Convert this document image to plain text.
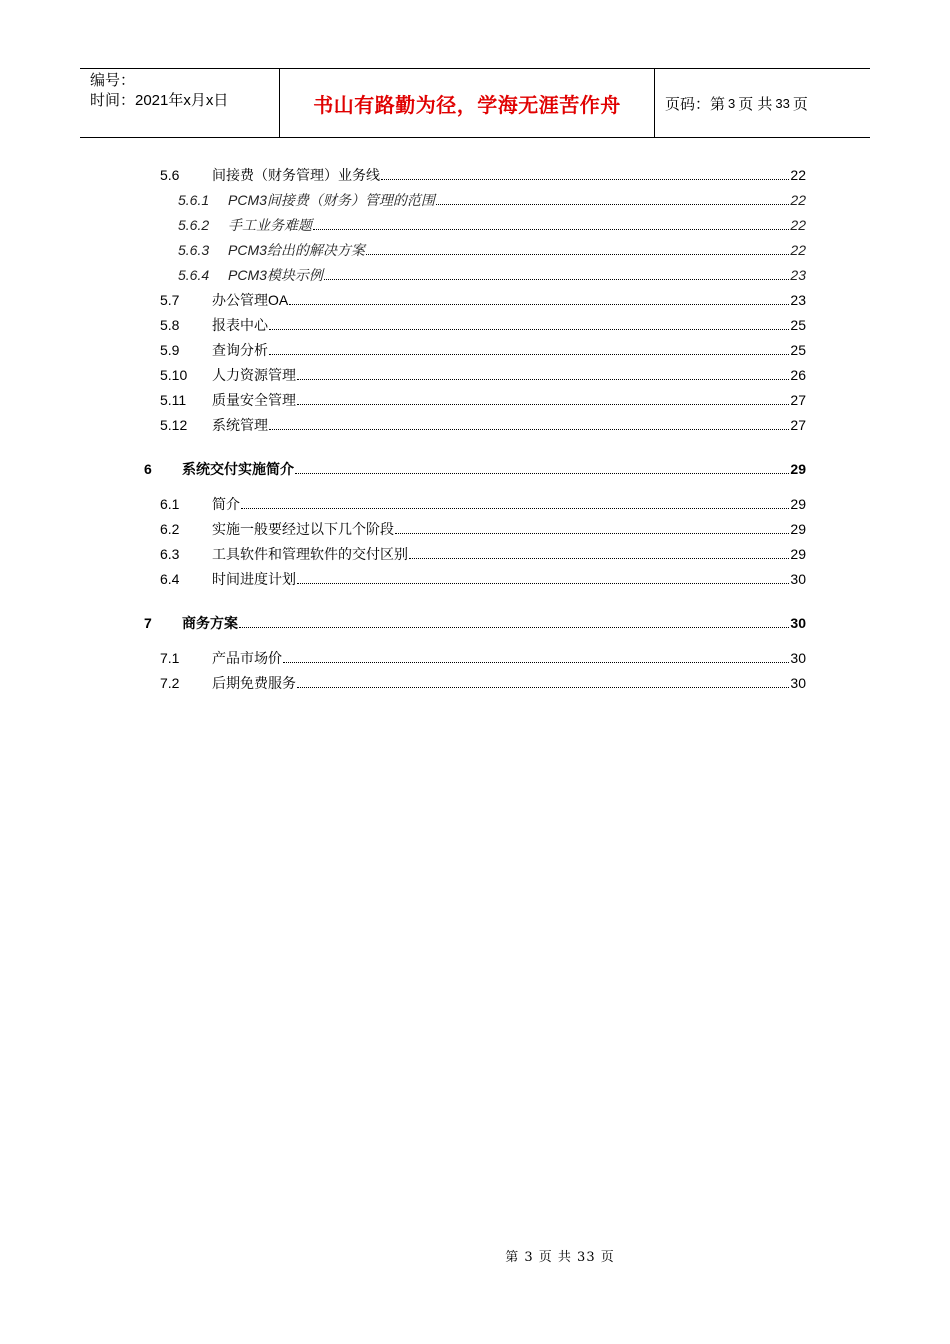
编号：
时间：2021年x月x日	书山有路勤为径，学海无涯苦作舟	页码：第 3 页 共 33 页
5.6	间接费（财务管理）业务线	22
5.6.1	PCM3间接费（财务）管理的范围	22
5.6.2	手工业务难题	22
5.6.3	PCM3给出的解决方案	22
5.6.4	PCM3模块示例	23
5.7	办公管理OA	23
5.8	报表中心	25
5.9	查询分析	25
5.10	人力资源管理	26
5.11	质量安全管理	27
5.12	系统管理	27
6	系统交付实施简介	29
6.1	简介	29
6.2	实施一般要经过以下几个阶段	29
6.3	工具软件和管理软件的交付区别	29
6.4	时间进度计划	30
7	商务方案	30
7.1	产品市场价	30
7.2	后期免费服务	30
第 3 页 共 33 页
